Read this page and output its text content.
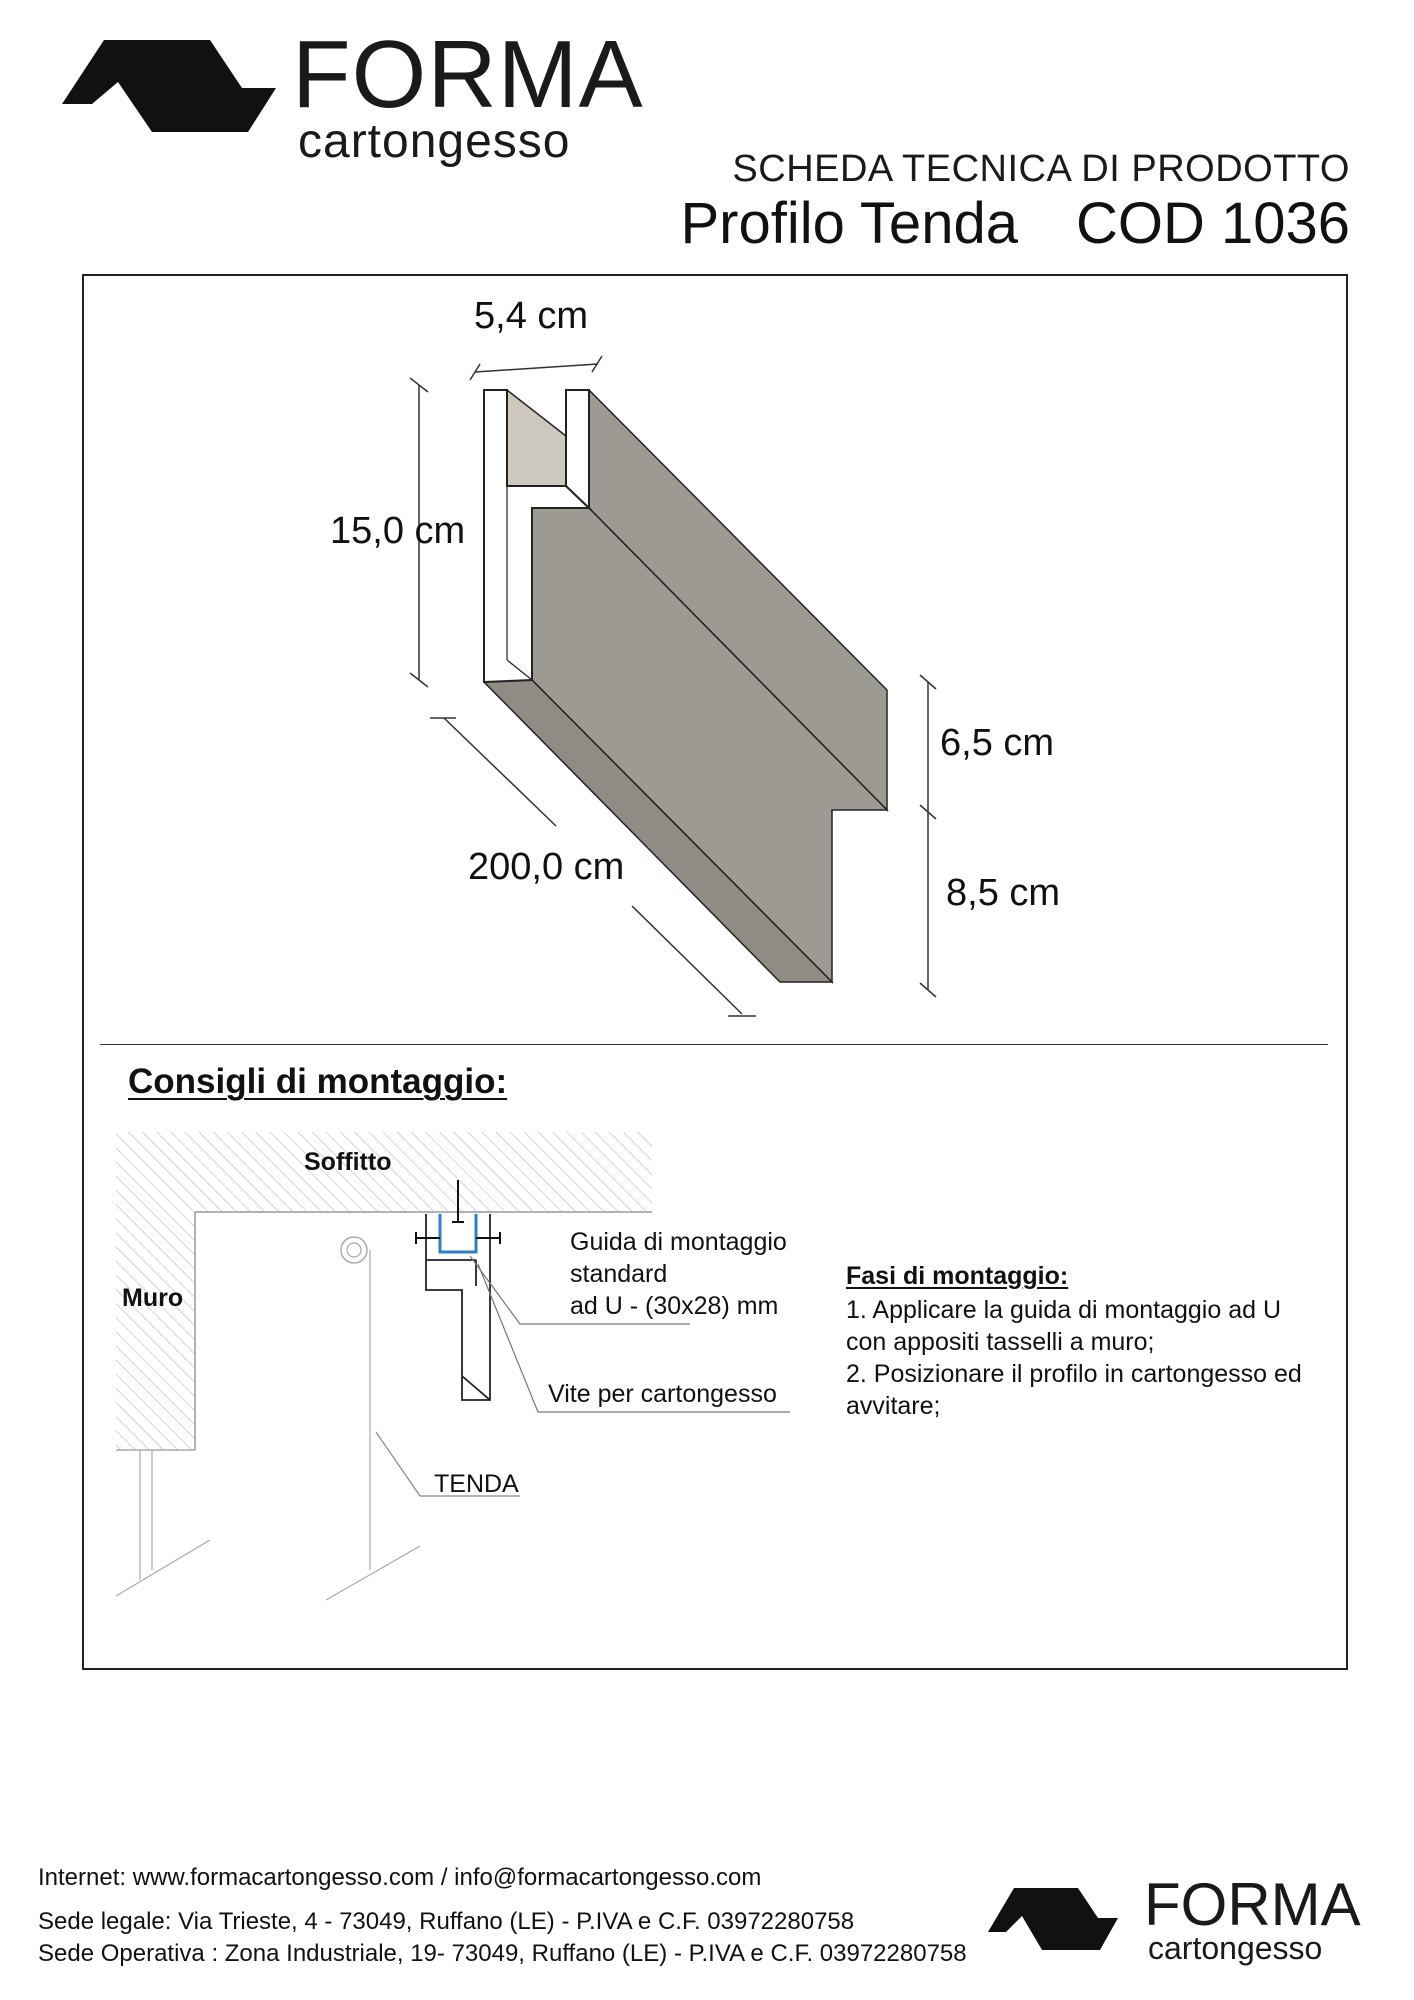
FORMA
cartongesso
SCHEDA TECNICA DI PRODOTTO
Profilo Tenda COD 1036
5,4 cm
15,0 cm
200,0 cm
6,5 cm
8,5 cm
Consigli di montaggio:
Soffitto
Muro
Guida di montaggio
standard
ad U - (30x28) mm
Vite per cartongesso
TENDA
Fasi di montaggio:

1. Applicare la guida di montaggio ad U con appositi tasselli a muro;

2. Posizionare il profilo in cartongesso ed avvitare;

Internet: www.formacartongesso.com / info@formacartongesso.com
Sede legale: Via Trieste, 4 - 73049, Ruffano (LE) - P.IVA e C.F. 03972280758
Sede Operativa : Zona Industriale, 19- 73049, Ruffano (LE) - P.IVA e C.F. 03972280758
FORMA
cartongesso
